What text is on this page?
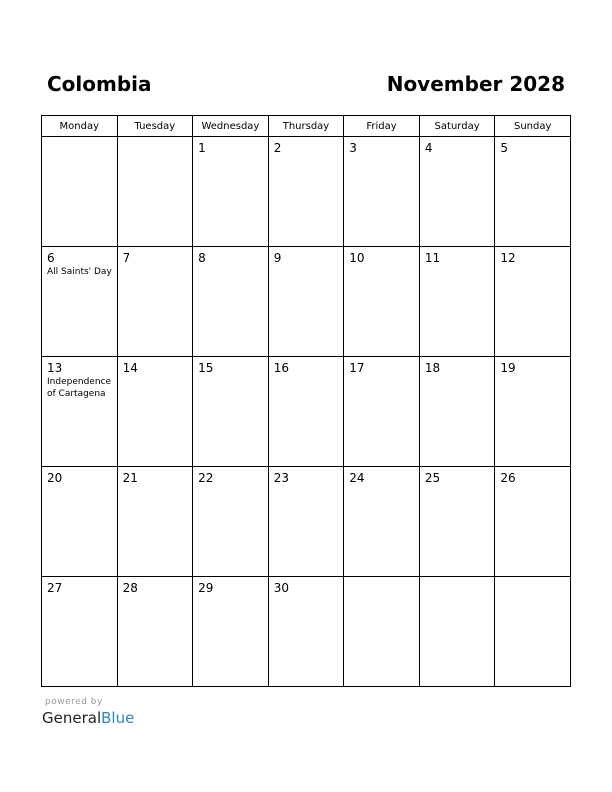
Colombia	November 2028
Monday	Tuesday	Wednesday	Thursday	Friday	Saturday	Sunday

		1	2	3	4	5

6
All Saints' Day	7	8	9	10	11	12

13
Independence of Cartagena	14	15	16	17	18	19

20	21	22	23	24	25	26

27	28	29	30			

powered by
GeneralBlue
